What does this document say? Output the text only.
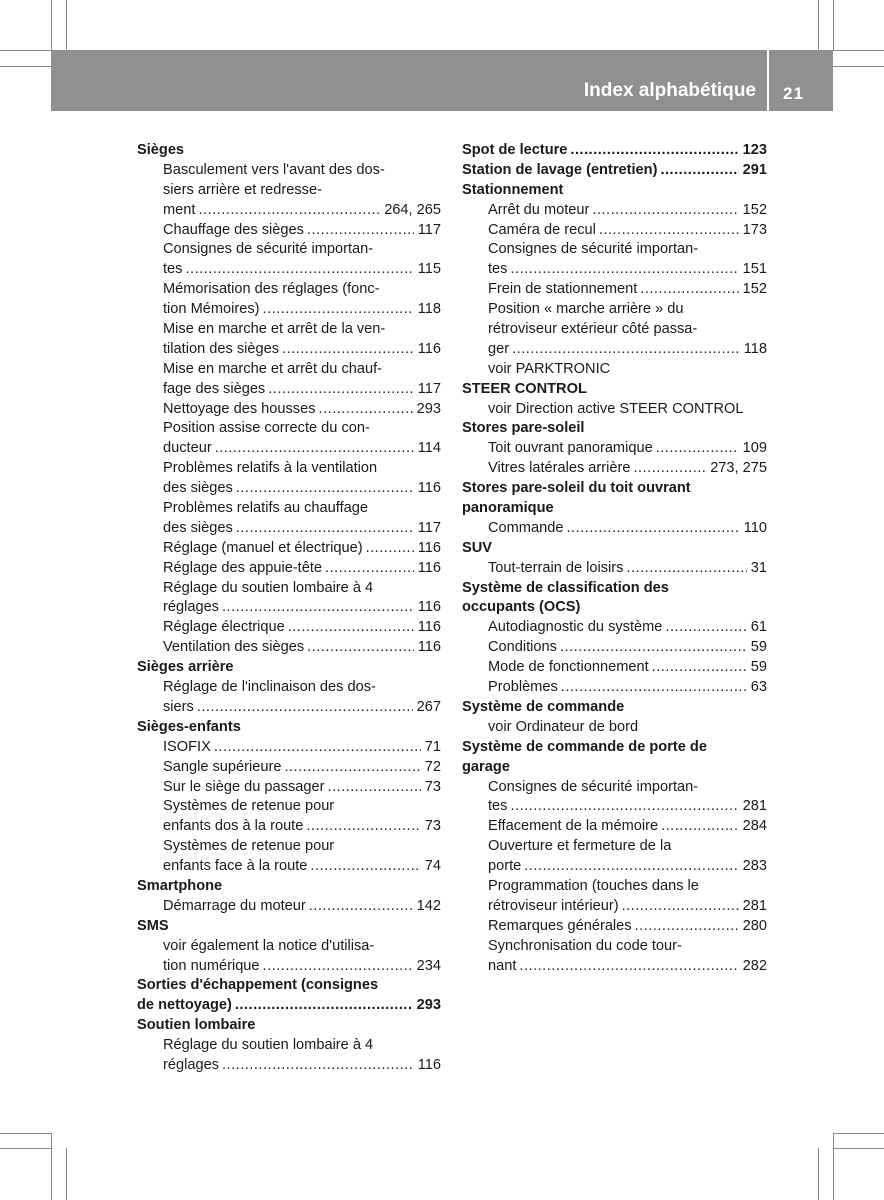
Index alphabétique 21
Sièges
Basculement vers l'avant des dos-
siers arrière et redresse-
ment .....	264, 265
Chauffage des sièges .....	117
Consignes de sécurité importan-
tes .....	115
Mémorisation des réglages (fonc-
tion Mémoires) .....	118
Mise en marche et arrêt de la ven-
tilation des sièges .....	116
Mise en marche et arrêt du chauf-
fage des sièges .....	117
Nettoyage des housses .....	293
Position assise correcte du con-
ducteur .....	114
Problèmes relatifs à la ventilation
des sièges .....	116
Problèmes relatifs au chauffage
des sièges .....	117
Réglage (manuel et électrique) .....	116
Réglage des appuie-tête .....	116
Réglage du soutien lombaire à 4
réglages .....	116
Réglage électrique .....	116
Ventilation des sièges .....	116
Sièges arrière
Réglage de l'inclinaison des dos-
siers .....	267
Sièges-enfants
ISOFIX .....	71
Sangle supérieure .....	72
Sur le siège du passager .....	73
Systèmes de retenue pour
enfants dos à la route .....	73
Systèmes de retenue pour
enfants face à la route .....	74
Smartphone
Démarrage du moteur .....	142
SMS
voir également la notice d'utilisa-
tion numérique .....	234
Sorties d'échappement (consignes
de nettoyage) .....	293
Soutien lombaire
Réglage du soutien lombaire à 4
réglages .....	116
Spot de lecture .....	123
Station de lavage (entretien) .....	291
Stationnement
Arrêt du moteur .....	152
Caméra de recul .....	173
Consignes de sécurité importan-
tes .....	151
Frein de stationnement .....	152
Position « marche arrière » du
rétroviseur extérieur côté passa-
ger .....	118
voir PARKTRONIC
STEER CONTROL
voir Direction active STEER CONTROL
Stores pare-soleil
Toit ouvrant panoramique .....	109
Vitres latérales arrière .....	273, 275
Stores pare-soleil du toit ouvrant
panoramique
Commande .....	110
SUV
Tout-terrain de loisirs .....	31
Système de classification des
occupants (OCS)
Autodiagnostic du système .....	61
Conditions .....	59
Mode de fonctionnement .....	59
Problèmes .....	63
Système de commande
voir Ordinateur de bord
Système de commande de porte de
garage
Consignes de sécurité importan-
tes .....	281
Effacement de la mémoire .....	284
Ouverture et fermeture de la
porte .....	283
Programmation (touches dans le
rétroviseur intérieur) .....	281
Remarques générales .....	280
Synchronisation du code tour-
nant .....	282
